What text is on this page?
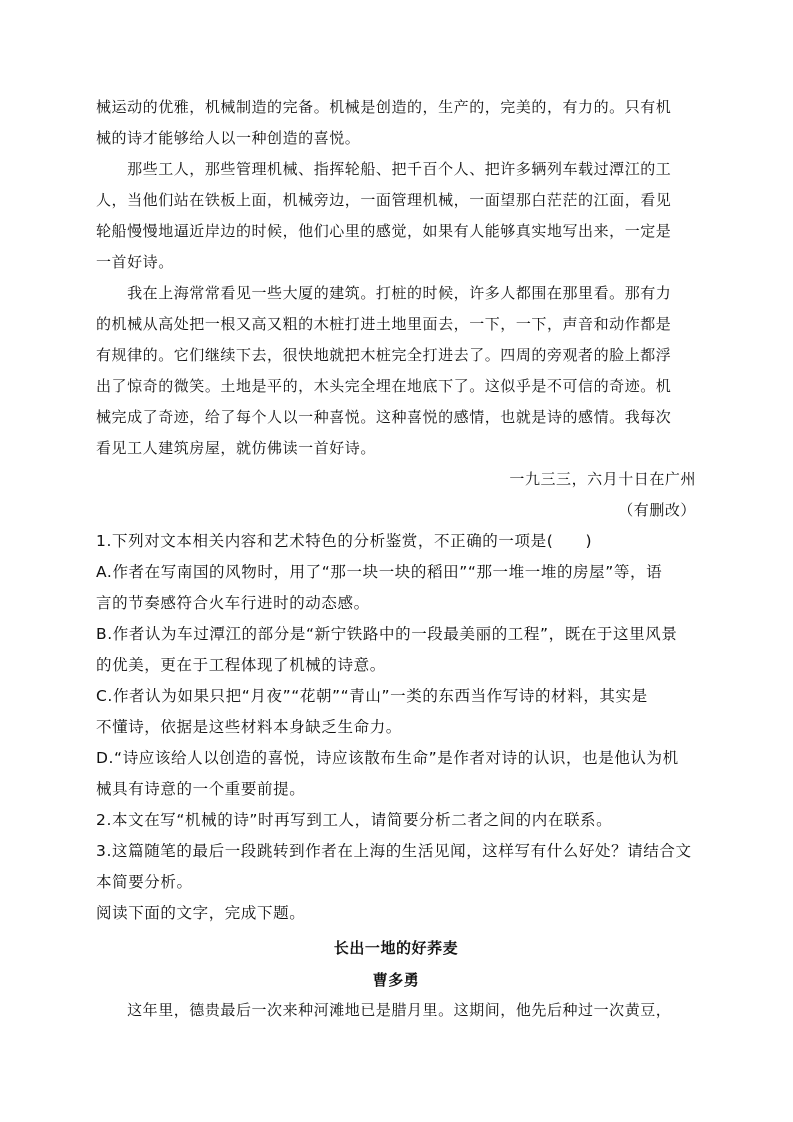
械运动的优雅，机械制造的完备。机械是创造的，生产的，完美的，有力的。只有机
械的诗才能够给人以一种创造的喜悦。
　　那些工人，那些管理机械、指挥轮船、把千百个人、把许多辆列车载过潭江的工
人，当他们站在铁板上面，机械旁边，一面管理机械，一面望那白茫茫的江面，看见
轮船慢慢地逼近岸边的时候，他们心里的感觉，如果有人能够真实地写出来，一定是
一首好诗。
　　我在上海常常看见一些大厦的建筑。打桩的时候，许多人都围在那里看。那有力
的机械从高处把一根又高又粗的木桩打进土地里面去，一下，一下，声音和动作都是
有规律的。它们继续下去，很快地就把木桩完全打进去了。四周的旁观者的脸上都浮
出了惊奇的微笑。土地是平的，木头完全埋在地底下了。这似乎是不可信的奇迹。机
械完成了奇迹，给了每个人以一种喜悦。这种喜悦的感情，也就是诗的感情。我每次
看见工人建筑房屋，就仿佛读一首好诗。
一九三三，六月十日在广州
（有删改）
1.下列对文本相关内容和艺术特色的分析鉴赏，不正确的一项是(　　)
A.作者在写南国的风物时，用了“那一块一块的稻田”“那一堆一堆的房屋”等，语
言的节奏感符合火车行进时的动态感。
B.作者认为车过潭江的部分是“新宁铁路中的一段最美丽的工程”，既在于这里风景
的优美，更在于工程体现了机械的诗意。
C.作者认为如果只把“月夜”“花朝”“青山”一类的东西当作写诗的材料，其实是
不懂诗，依据是这些材料本身缺乏生命力。
D.“诗应该给人以创造的喜悦，诗应该散布生命”是作者对诗的认识，也是他认为机
械具有诗意的一个重要前提。
2.本文在写“机械的诗”时再写到工人，请简要分析二者之间的内在联系。
3.这篇随笔的最后一段跳转到作者在上海的生活见闻，这样写有什么好处？请结合文
本简要分析。
阅读下面的文字，完成下题。
长出一地的好荞麦
曹多勇
　　这年里，德贵最后一次来种河滩地已是腊月里。这期间，他先后种过一次黄豆，
